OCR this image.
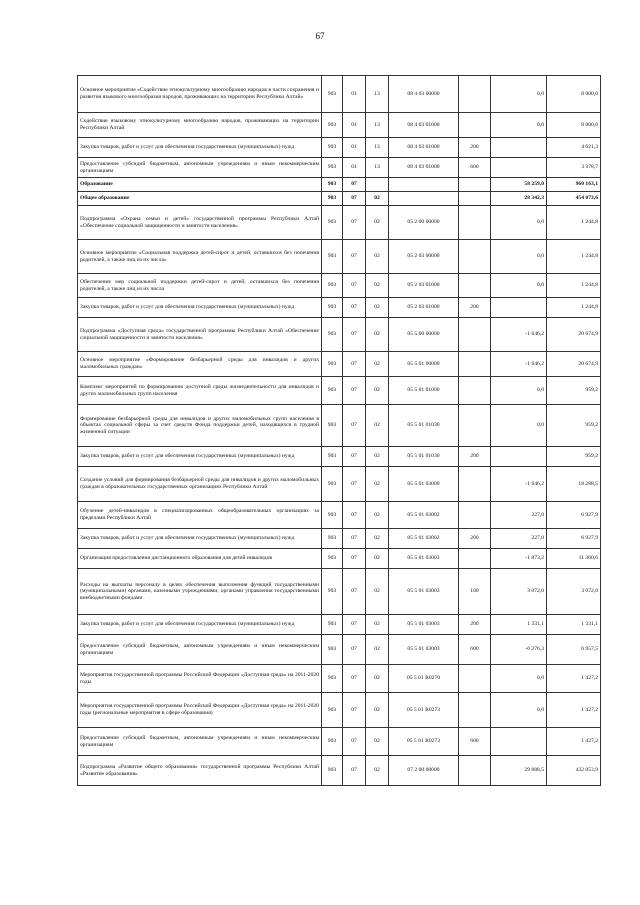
67
Основное мероприятие «Содействие этнокультурному многообразию народов в части сохранения и развития языкового многообразия народов, проживающих на территории Республики Алтай»	903	01	13	08 4 03 00000		0,0	8 000,0
Содействие языковому этнокультурному многообразию народов, проживающих на территории Республики Алтай	903	01	13	08 4 03 01000		0,0	8 000,0
Закупка товаров, работ и услуг для обеспечения государственных (муниципальных) нужд	903	01	13	08 4 03 01000	200		4 621,3
Предоставление субсидий бюджетным, автономным учреждениям и иным некоммерческим организациям	903	01	13	08 4 03 01000	600		3 378,7
Образование	903	07				58 259,0	960 163,1
Общее образование	903	07	02			28 342,3	454 073,6
Подпрограмма «Охрана семьи и детей» государственной программы Республики Алтай «Обеспечение социальной защищенности и занятости населения»	903	07	02	05 2 00 00000		0,0	1 244,8
Основное мероприятие «Социальная поддержка детей-сирот и детей, оставшихся без попечения родителей, а также лиц из их числа»	903	07	02	05 2 03 00000		0,0	1 244,8
Обеспечение мер социальной поддержки детей-сирот и детей, оставшихся без попечения родителей, а также лиц из их числа	903	07	02	05 2 03 01000		0,0	1 244,8
Закупка товаров, работ и услуг для обеспечения государственных (муниципальных) нужд	903	07	02	05 2 03 01000	200		1 244,8
Подпрограмма «Доступная среда» государственной программы Республики Алтай «Обеспечение социальной защищенности и занятости населения»	903	07	02	05 5 00 00000		-1 646,2	20 674,9
Основное мероприятие «Формирование безбарьерной среды для инвалидов и других маломобильных граждан»	903	07	02	05 5 01 00000		-1 646,2	20 674,9
Комплекс мероприятий по формированию доступной среды жизнедеятельности для инвалидов и других маломобильных групп населения	903	07	02	05 5 01 01000		0,0	959,2
Формирование безбарьерной среды для инвалидов и других маломобильных групп населения в объектах социальной сферы за счет средств Фонда поддержки детей, находящихся в трудной жизненной ситуации	903	07	02	05 5 01 01030		0,0	959,2
Закупка товаров, работ и услуг для обеспечения государственных (муниципальных) нужд	903	07	02	05 5 01 01030	200		959,2
Создание условий для формирования безбарьерной среды для инвалидов и других маломобильных граждан в образовательных государственных организациях Республики Алтай	903	07	02	05 5 01 03000		-1 646,2	18 288,5
Обучение детей-инвалидов в специализированных общеобразовательных организациях за пределами Республики Алтай	903	07	02	05 5 01 03002		227,0	6 927,9
Закупка товаров, работ и услуг для обеспечения государственных (муниципальных) нужд	903	07	02	05 5 01 03002	200	227,0	6 927,9
Организация предоставления дистанционного образования для детей инвалидов	903	07	02	05 5 01 03003		-1 873,2	11 360,6
Расходы на выплаты персоналу в целях обеспечения выполнения функций государственными (муниципальными) органами, казенными учреждениями, органами управления государственными внебюджетными фондами	903	07	02	05 5 01 03003	100	3 072,0	3 072,0
Закупка товаров, работ и услуг для обеспечения государственных (муниципальных) нужд	903	07	02	05 5 01 03003	200	1 331,1	1 331,1
Предоставление субсидий бюджетным, автономным учреждениям и иным некоммерческим организациям	903	07	02	05 5 01 03003	600	-6 276,3	6 957,5
Мероприятия государственной программы Российской Федерации «Доступная среда» на 2011-2020 годы	903	07	02	05 5 01 R0270		0,0	1 427,2
Мероприятия государственной программы Российской Федерации «Доступная среда» на 2011-2020 годы (региональные мероприятия в сфере образования)	903	07	02	05 5 01 R0273		0,0	1 427,2
Предоставление субсидий бюджетным, автономным учреждениям и иным некоммерческим организациям	903	07	02	05 5 01 R0273	600		1 427,2
Подпрограмма «Развитие общего образования» государственной программы Республики Алтай «Развитие образования»	903	07	02	07 2 00 00000		29 888,5	432 053,9
